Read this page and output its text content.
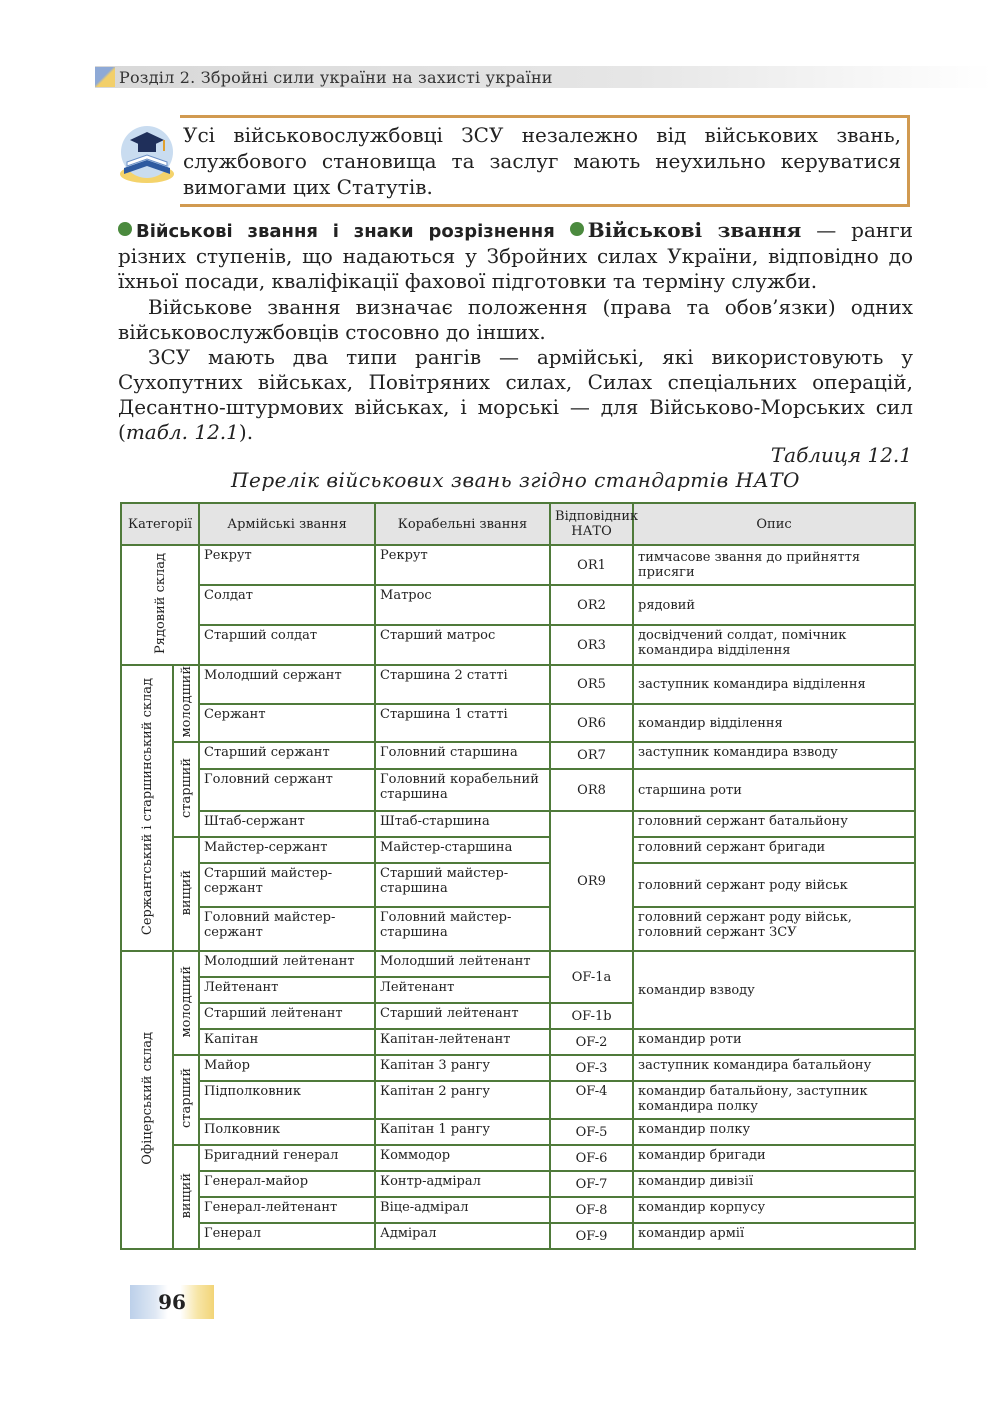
Розділ 2. Збройні сили україни на захисті україни
Усі військовослужбовці ЗСУ незалежно від військових звань, службового становища та заслуг мають неухильно керуватися вимогами цих Статутів.
Військові звання і знаки розрізнення Військові звання — ранги різних ступенів, що надаються у Збройних силах України, відповідно до їхньої посади, кваліфікації фахової підготовки та терміну служби.
Військове звання визначає положення (права та обов’язки) одних військовослужбовців стосовно до інших.
ЗСУ мають два типи рангів — армійські, які використовують у Сухопутних військах, Повітряних силах, Силах спеціальних операцій, Десантно-штурмових військах, і морські — для Військово-Морських сил (табл. 12.1).
Таблиця 12.1
Перелік військових звань згідно стандартів НАТО
Категорії		Армійські звання	Корабельні звання	Відповідник НАТО	Опис
Рядовий склад		Рекрут	Рекрут	OR1	тимчасове звання до прийняття присяги
		Солдат	Матрос	OR2	рядовий
		Старший солдат	Старший матрос	OR3	досвідчений солдат, помічник командира відділення
Сержантський і старшинський склад	молодший	Молодший сержант	Старшина 2 статті	OR5	заступник командира відділення
		Сержант	Старшина 1 статті	OR6	командир відділення
	старший	Старший сержант	Головний старшина	OR7	заступник командира взводу
		Головний сержант	Головний корабельний старшина	OR8	старшина роти
		Штаб-сержант	Штаб-старшина	OR9	головний сержант батальйону
	вищий	Майстер-сержант	Майстер-старшина		головний сержант бригади
		Старший майстер-сержант	Старший майстер-старшина		головний сержант роду військ
		Головний майстер-сержант	Головний майстер-старшина		головний сержант роду військ, головний сержант ЗСУ
Офіцерський склад	молодший	Молодший лейтенант	Молодший лейтенант	OF-1a	командир взводу
		Лейтенант	Лейтенант		
		Старший лейтенант	Старший лейтенант	OF-1b	
		Капітан	Капітан-лейтенант	OF-2	командир роти
	старший	Майор	Капітан 3 рангу	OF-3	заступник командира батальйону
		Підполковник	Капітан 2 рангу	OF-4	командир батальйону, заступник командира полку
		Полковник	Капітан 1 рангу	OF-5	командир полку
	вищий	Бригадний генерал	Коммодор	OF-6	командир бригади
		Генерал-майор	Контр-адмірал	OF-7	командир дивізії
		Генерал-лейтенант	Віце-адмірал	OF-8	командир корпусу
		Генерал	Адмірал	OF-9	командир армії
96
